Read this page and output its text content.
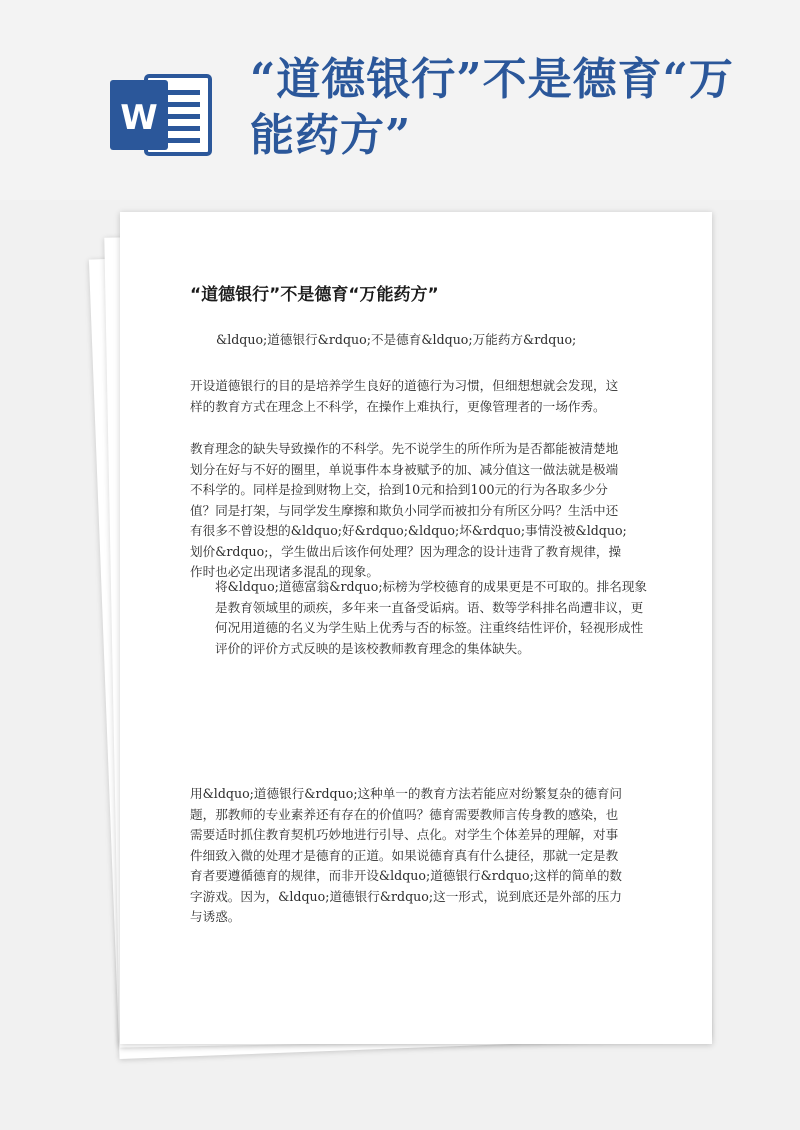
W
“道德银行”不是德育“万能药方”
“道德银行”不是德育“万能药方”

&ldquo;道德银行&rdquo;不是德育&ldquo;万能药方&rdquo;

开设道德银行的目的是培养学生良好的道德行为习惯，但细想想就会发现，这样的教育方式在理念上不科学，在操作上难执行，更像管理者的一场作秀。

教育理念的缺失导致操作的不科学。先不说学生的所作所为是否都能被清楚地划分在好与不好的圈里，单说事件本身被赋予的加、减分值这一做法就是极端不科学的。同样是捡到财物上交，拾到10元和拾到100元的行为各取多少分值？同是打架，与同学发生摩擦和欺负小同学而被扣分有所区分吗？生活中还有很多不曾设想的&ldquo;好&rdquo;&ldquo;坏&rdquo;事情没被&ldquo;划价&rdquo;，学生做出后该作何处理？因为理念的设计违背了教育规律，操作时也必定出现诸多混乱的现象。

将&ldquo;道德富翁&rdquo;标榜为学校德育的成果更是不可取的。排名现象是教育领域里的顽疾，多年来一直备受诟病。语、数等学科排名尚遭非议，更何况用道德的名义为学生贴上优秀与否的标签。注重终结性评价，轻视形成性评价的评价方式反映的是该校教师教育理念的集体缺失。

用&ldquo;道德银行&rdquo;这种单一的教育方法若能应对纷繁复杂的德育问题，那教师的专业素养还有存在的价值吗？德育需要教师言传身教的感染，也需要适时抓住教育契机巧妙地进行引导、点化。对学生个体差异的理解，对事件细致入微的处理才是德育的正道。如果说德育真有什么捷径，那就一定是教育者要遵循德育的规律，而非开设&ldquo;道德银行&rdquo;这样的简单的数字游戏。因为，&ldquo;道德银行&rdquo;这一形式，说到底还是外部的压力与诱惑。
